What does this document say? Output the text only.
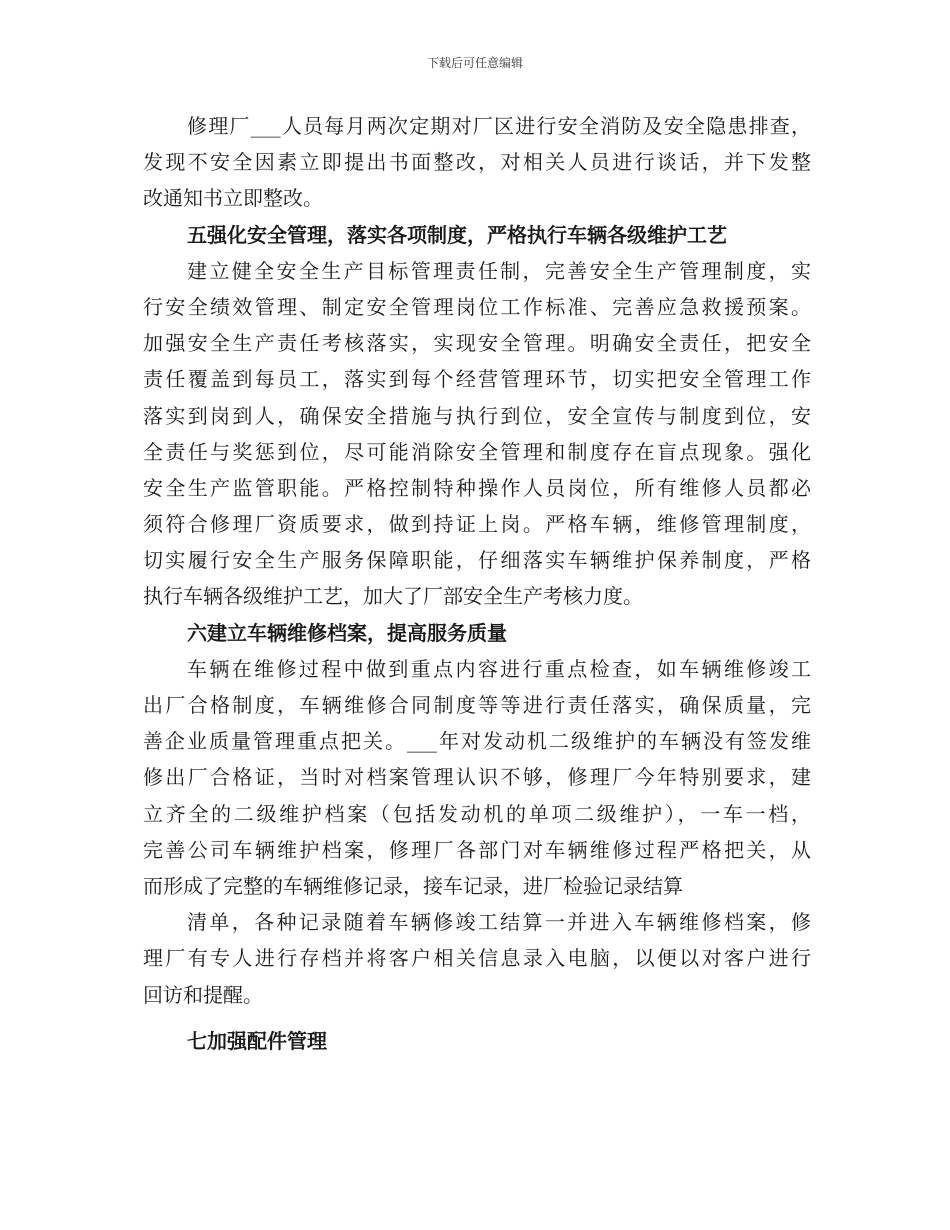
下载后可任意编辑
修理厂___人员每月两次定期对厂区进行安全消防及安全隐患排查，
发现不安全因素立即提出书面整改，对相关人员进行谈话，并下发整
改通知书立即整改。
五强化安全管理，落实各项制度，严格执行车辆各级维护工艺
建立健全安全生产目标管理责任制，完善安全生产管理制度，实
行安全绩效管理、制定安全管理岗位工作标准、完善应急救援预案。
加强安全生产责任考核落实，实现安全管理。明确安全责任，把安全
责任覆盖到每员工，落实到每个经营管理环节，切实把安全管理工作
落实到岗到人，确保安全措施与执行到位，安全宣传与制度到位，安
全责任与奖惩到位，尽可能消除安全管理和制度存在盲点现象。强化
安全生产监管职能。严格控制特种操作人员岗位，所有维修人员都必
须符合修理厂资质要求，做到持证上岗。严格车辆，维修管理制度，
切实履行安全生产服务保障职能，仔细落实车辆维护保养制度，严格
执行车辆各级维护工艺，加大了厂部安全生产考核力度。
六建立车辆维修档案，提高服务质量
车辆在维修过程中做到重点内容进行重点检查，如车辆维修竣工
出厂合格制度，车辆维修合同制度等等进行责任落实，确保质量，完
善企业质量管理重点把关。___年对发动机二级维护的车辆没有签发维
修出厂合格证，当时对档案管理认识不够，修理厂今年特别要求，建
立齐全的二级维护档案（包括发动机的单项二级维护），一车一档，
完善公司车辆维护档案，修理厂各部门对车辆维修过程严格把关，从
而形成了完整的车辆维修记录，接车记录，进厂检验记录结算
清单，各种记录随着车辆修竣工结算一并进入车辆维修档案，修
理厂有专人进行存档并将客户相关信息录入电脑，以便以对客户进行
回访和提醒。
七加强配件管理
